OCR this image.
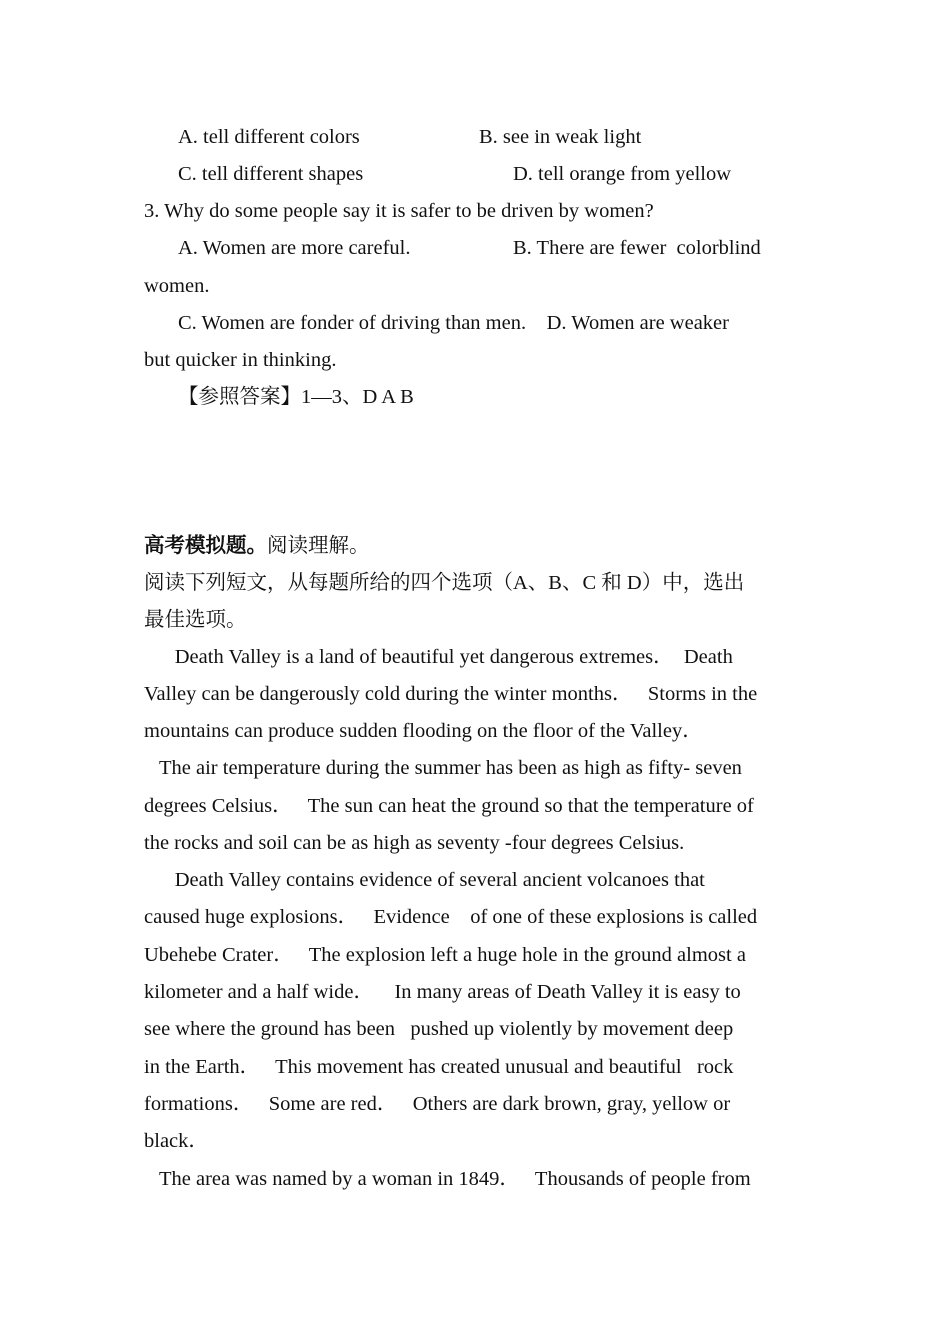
A. tell different colors	B. see in weak light
C. tell different shapes	D. tell orange from yellow
3. Why do some people say it is safer to be driven by women?
A. Women are more careful.	B. There are fewer  colorblind
women.
C. Women are fonder of driving than men.    D. Women are weaker
but quicker in thinking.
【参照答案】1—3、D A B
高考模拟题。阅读理解。
阅读下列短文，从每题所给的四个选项（A、B、C 和 D）中，选出
最佳选项。
Death Valley is a land of beautiful yet dangerous extremes．  Death
Valley can be dangerously cold during the winter months．   Storms in the
mountains can produce sudden flooding on the floor of the Valley．
The air temperature during the summer has been as high as fifty- seven
degrees Celsius．   The sun can heat the ground so that the temperature of
the rocks and soil can be as high as seventy -four degrees Celsius.
Death Valley contains evidence of several ancient volcanoes that
caused huge explosions．   Evidence    of one of these explosions is called
Ubehebe Crater．   The explosion left a huge hole in the ground almost a
kilometer and a half wide．    In many areas of Death Valley it is easy to
see where the ground has been   pushed up violently by movement deep
in the Earth．   This movement has created unusual and beautiful   rock
formations．   Some are red．   Others are dark brown, gray, yellow or
black．
The area was named by a woman in 1849．   Thousands of people from
